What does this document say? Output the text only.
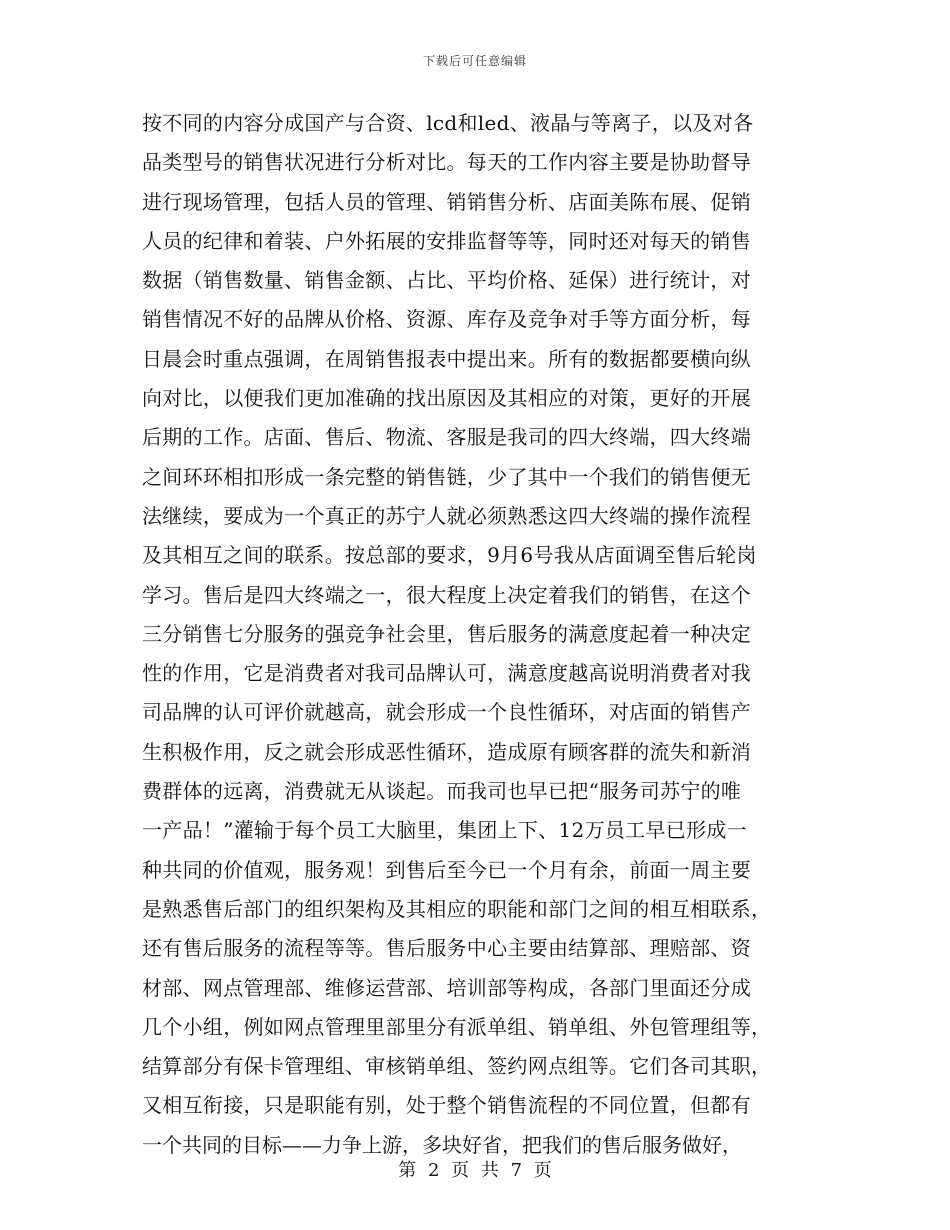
下载后可任意编辑
按不同的内容分成国产与合资、lcd和led、液晶与等离子，以及对各
品类型号的销售状况进行分析对比。每天的工作内容主要是协助督导
进行现场管理，包括人员的管理、销销售分析、店面美陈布展、促销
人员的纪律和着装、户外拓展的安排监督等等，同时还对每天的销售
数据（销售数量、销售金额、占比、平均价格、延保）进行统计，对
销售情况不好的品牌从价格、资源、库存及竞争对手等方面分析，每
日晨会时重点强调，在周销售报表中提出来。所有的数据都要横向纵
向对比，以便我们更加准确的找出原因及其相应的对策，更好的开展
后期的工作。店面、售后、物流、客服是我司的四大终端，四大终端
之间环环相扣形成一条完整的销售链，少了其中一个我们的销售便无
法继续，要成为一个真正的苏宁人就必须熟悉这四大终端的操作流程
及其相互之间的联系。按总部的要求，9月6号我从店面调至售后轮岗
学习。售后是四大终端之一，很大程度上决定着我们的销售，在这个
三分销售七分服务的强竞争社会里，售后服务的满意度起着一种决定
性的作用，它是消费者对我司品牌认可，满意度越高说明消费者对我
司品牌的认可评价就越高，就会形成一个良性循环，对店面的销售产
生积极作用，反之就会形成恶性循环，造成原有顾客群的流失和新消
费群体的远离，消费就无从谈起。而我司也早已把“服务司苏宁的唯
一产品！”灌输于每个员工大脑里，集团上下、12万员工早已形成一
种共同的价值观，服务观！到售后至今已一个月有余，前面一周主要
是熟悉售后部门的组织架构及其相应的职能和部门之间的相互相联系，
还有售后服务的流程等等。售后服务中心主要由结算部、理赔部、资
材部、网点管理部、维修运营部、培训部等构成，各部门里面还分成
几个小组，例如网点管理里部里分有派单组、销单组、外包管理组等，
结算部分有保卡管理组、审核销单组、签约网点组等。它们各司其职，
又相互衔接，只是职能有别，处于整个销售流程的不同位置，但都有
一个共同的目标——力争上游，多块好省，把我们的售后服务做好，
第 2 页 共 7 页
